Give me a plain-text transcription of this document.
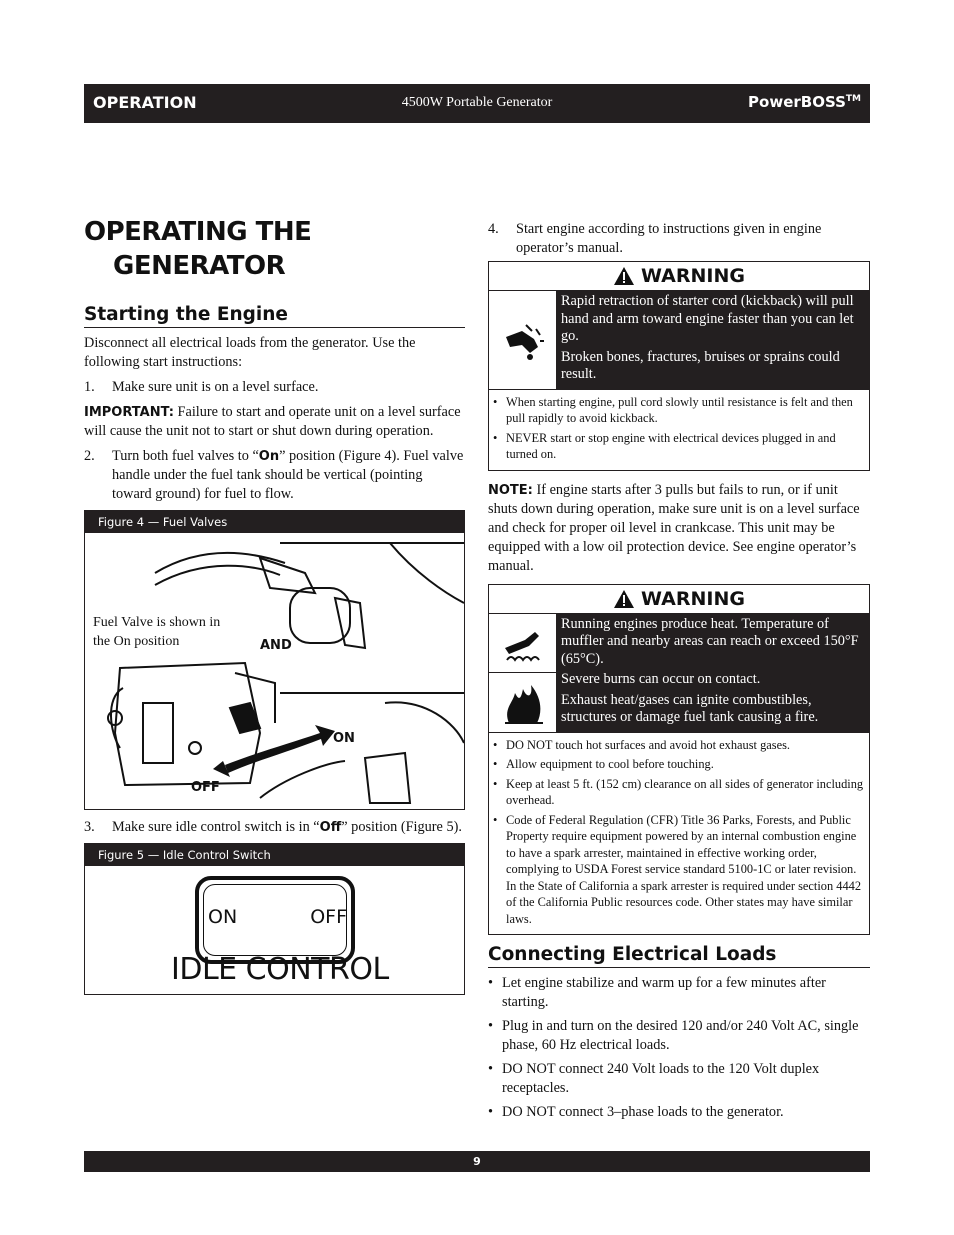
OPERATION	4500W Portable Generator	PowerBOSS™
OPERATING THE
GENERATOR
Starting the Engine

Disconnect all electrical loads from the generator. Use the following start instructions:

1.	Make sure unit is on a level surface.

IMPORTANT: Failure to start and operate unit on a level surface will cause the unit not to start or shut down during operation.

2.	Turn both fuel valves to “On” position (Figure 4). Fuel valve handle under the fuel tank should be vertical (pointing toward ground) for fuel to flow.
Figure 4 — Fuel Valves
Fuel Valve is shown in the On position	AND
ON
OFF
3.	Make sure idle control switch is in “Off” position (Figure 5).
Figure 5 — Idle Control Switch
ON	OFF
IDLE CONTROL
4.	Start engine according to instructions given in engine operator’s manual.
WARNING

Rapid retraction of starter cord (kickback) will pull hand and arm toward engine faster than you can let go.

Broken bones, fractures, bruises or sprains could result.

• When starting engine, pull cord slowly until resistance is felt and then pull rapidly to avoid kickback.
• NEVER start or stop engine with electrical devices plugged in and turned on.

NOTE: If engine starts after 3 pulls but fails to run, or if unit shuts down during operation, make sure unit is on a level surface and check for proper oil level in crankcase. This unit may be equipped with a low oil protection device. See engine operator’s manual.

WARNING

Running engines produce heat. Temperature of muffler and nearby areas can reach or exceed 150°F (65°C).

Severe burns can occur on contact.

Exhaust heat/gases can ignite combustibles, structures or damage fuel tank causing a fire.

• DO NOT touch hot surfaces and avoid hot exhaust gases.
• Allow equipment to cool before touching.
• Keep at least 5 ft. (152 cm) clearance on all sides of generator including overhead.
• Code of Federal Regulation (CFR) Title 36 Parks, Forests, and Public Property require equipment powered by an internal combustion engine to have a spark arrester, maintained in effective working order, complying to USDA Forest service standard 5100-1C or later revision. In the State of California a spark arrester is required under section 4442 of the California Public resources code. Other states may have similar laws.
Connecting Electrical Loads
• Let engine stabilize and warm up for a few minutes after starting.
• Plug in and turn on the desired 120 and/or 240 Volt AC, single phase, 60 Hz electrical loads.
• DO NOT connect 240 Volt loads to the 120 Volt duplex receptacles.
• DO NOT connect 3–phase loads to the generator.
9
